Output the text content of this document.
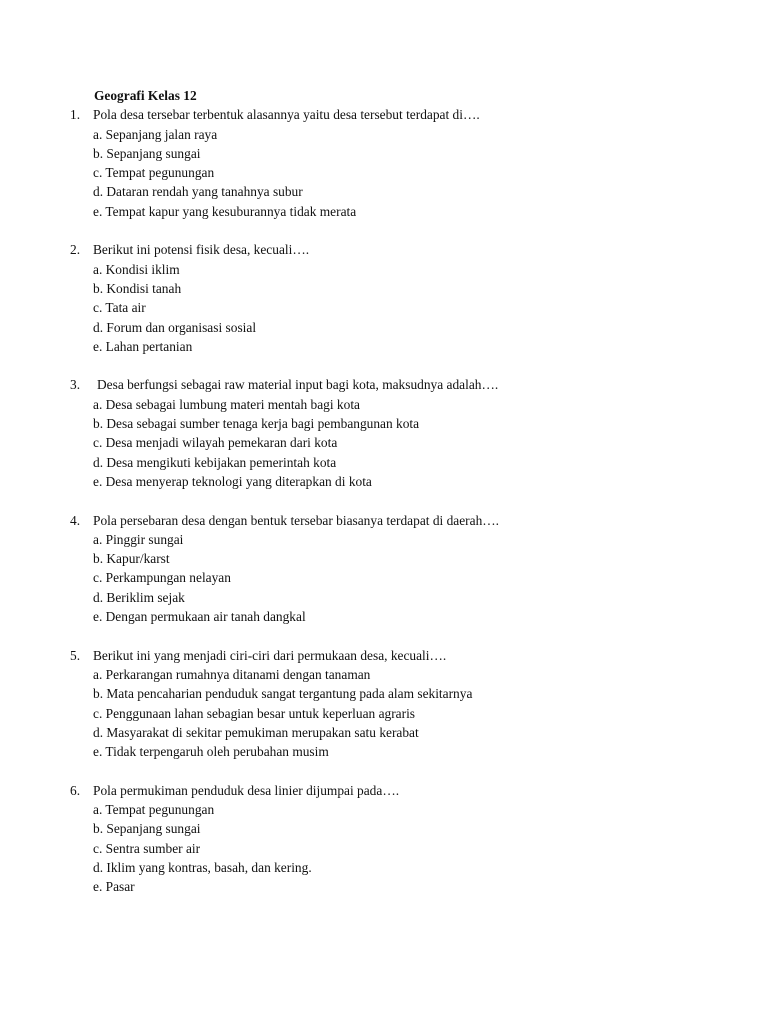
Geografi Kelas 12
1. Pola desa tersebar terbentuk alasannya yaitu desa tersebut terdapat di….
a. Sepanjang jalan raya
b. Sepanjang sungai
c. Tempat pegunungan
d. Dataran rendah yang tanahnya subur
e. Tempat kapur yang kesuburannya tidak merata
2. Berikut ini potensi fisik desa, kecuali….
a. Kondisi iklim
b. Kondisi tanah
c. Tata air
d. Forum dan organisasi sosial
e. Lahan pertanian
3. Desa berfungsi sebagai raw material input bagi kota, maksudnya adalah….
a. Desa sebagai lumbung materi mentah bagi kota
b. Desa sebagai sumber tenaga kerja bagi pembangunan kota
c. Desa menjadi wilayah pemekaran dari kota
d. Desa mengikuti kebijakan pemerintah kota
e. Desa menyerap teknologi yang diterapkan di kota
4. Pola persebaran desa dengan bentuk tersebar biasanya terdapat di daerah….
a. Pinggir sungai
b. Kapur/karst
c. Perkampungan nelayan
d. Beriklim sejak
e. Dengan permukaan air tanah dangkal
5. Berikut ini yang menjadi ciri-ciri dari permukaan desa, kecuali….
a. Perkarangan rumahnya ditanami dengan tanaman
b. Mata pencaharian penduduk sangat tergantung pada alam sekitarnya
c. Penggunaan lahan sebagian besar untuk keperluan agraris
d. Masyarakat di sekitar pemukiman merupakan satu kerabat
e. Tidak terpengaruh oleh perubahan musim
6. Pola permukiman penduduk desa linier dijumpai pada….
a. Tempat pegunungan
b. Sepanjang sungai
c. Sentra sumber air
d. Iklim yang kontras, basah, dan kering.
e. Pasar
